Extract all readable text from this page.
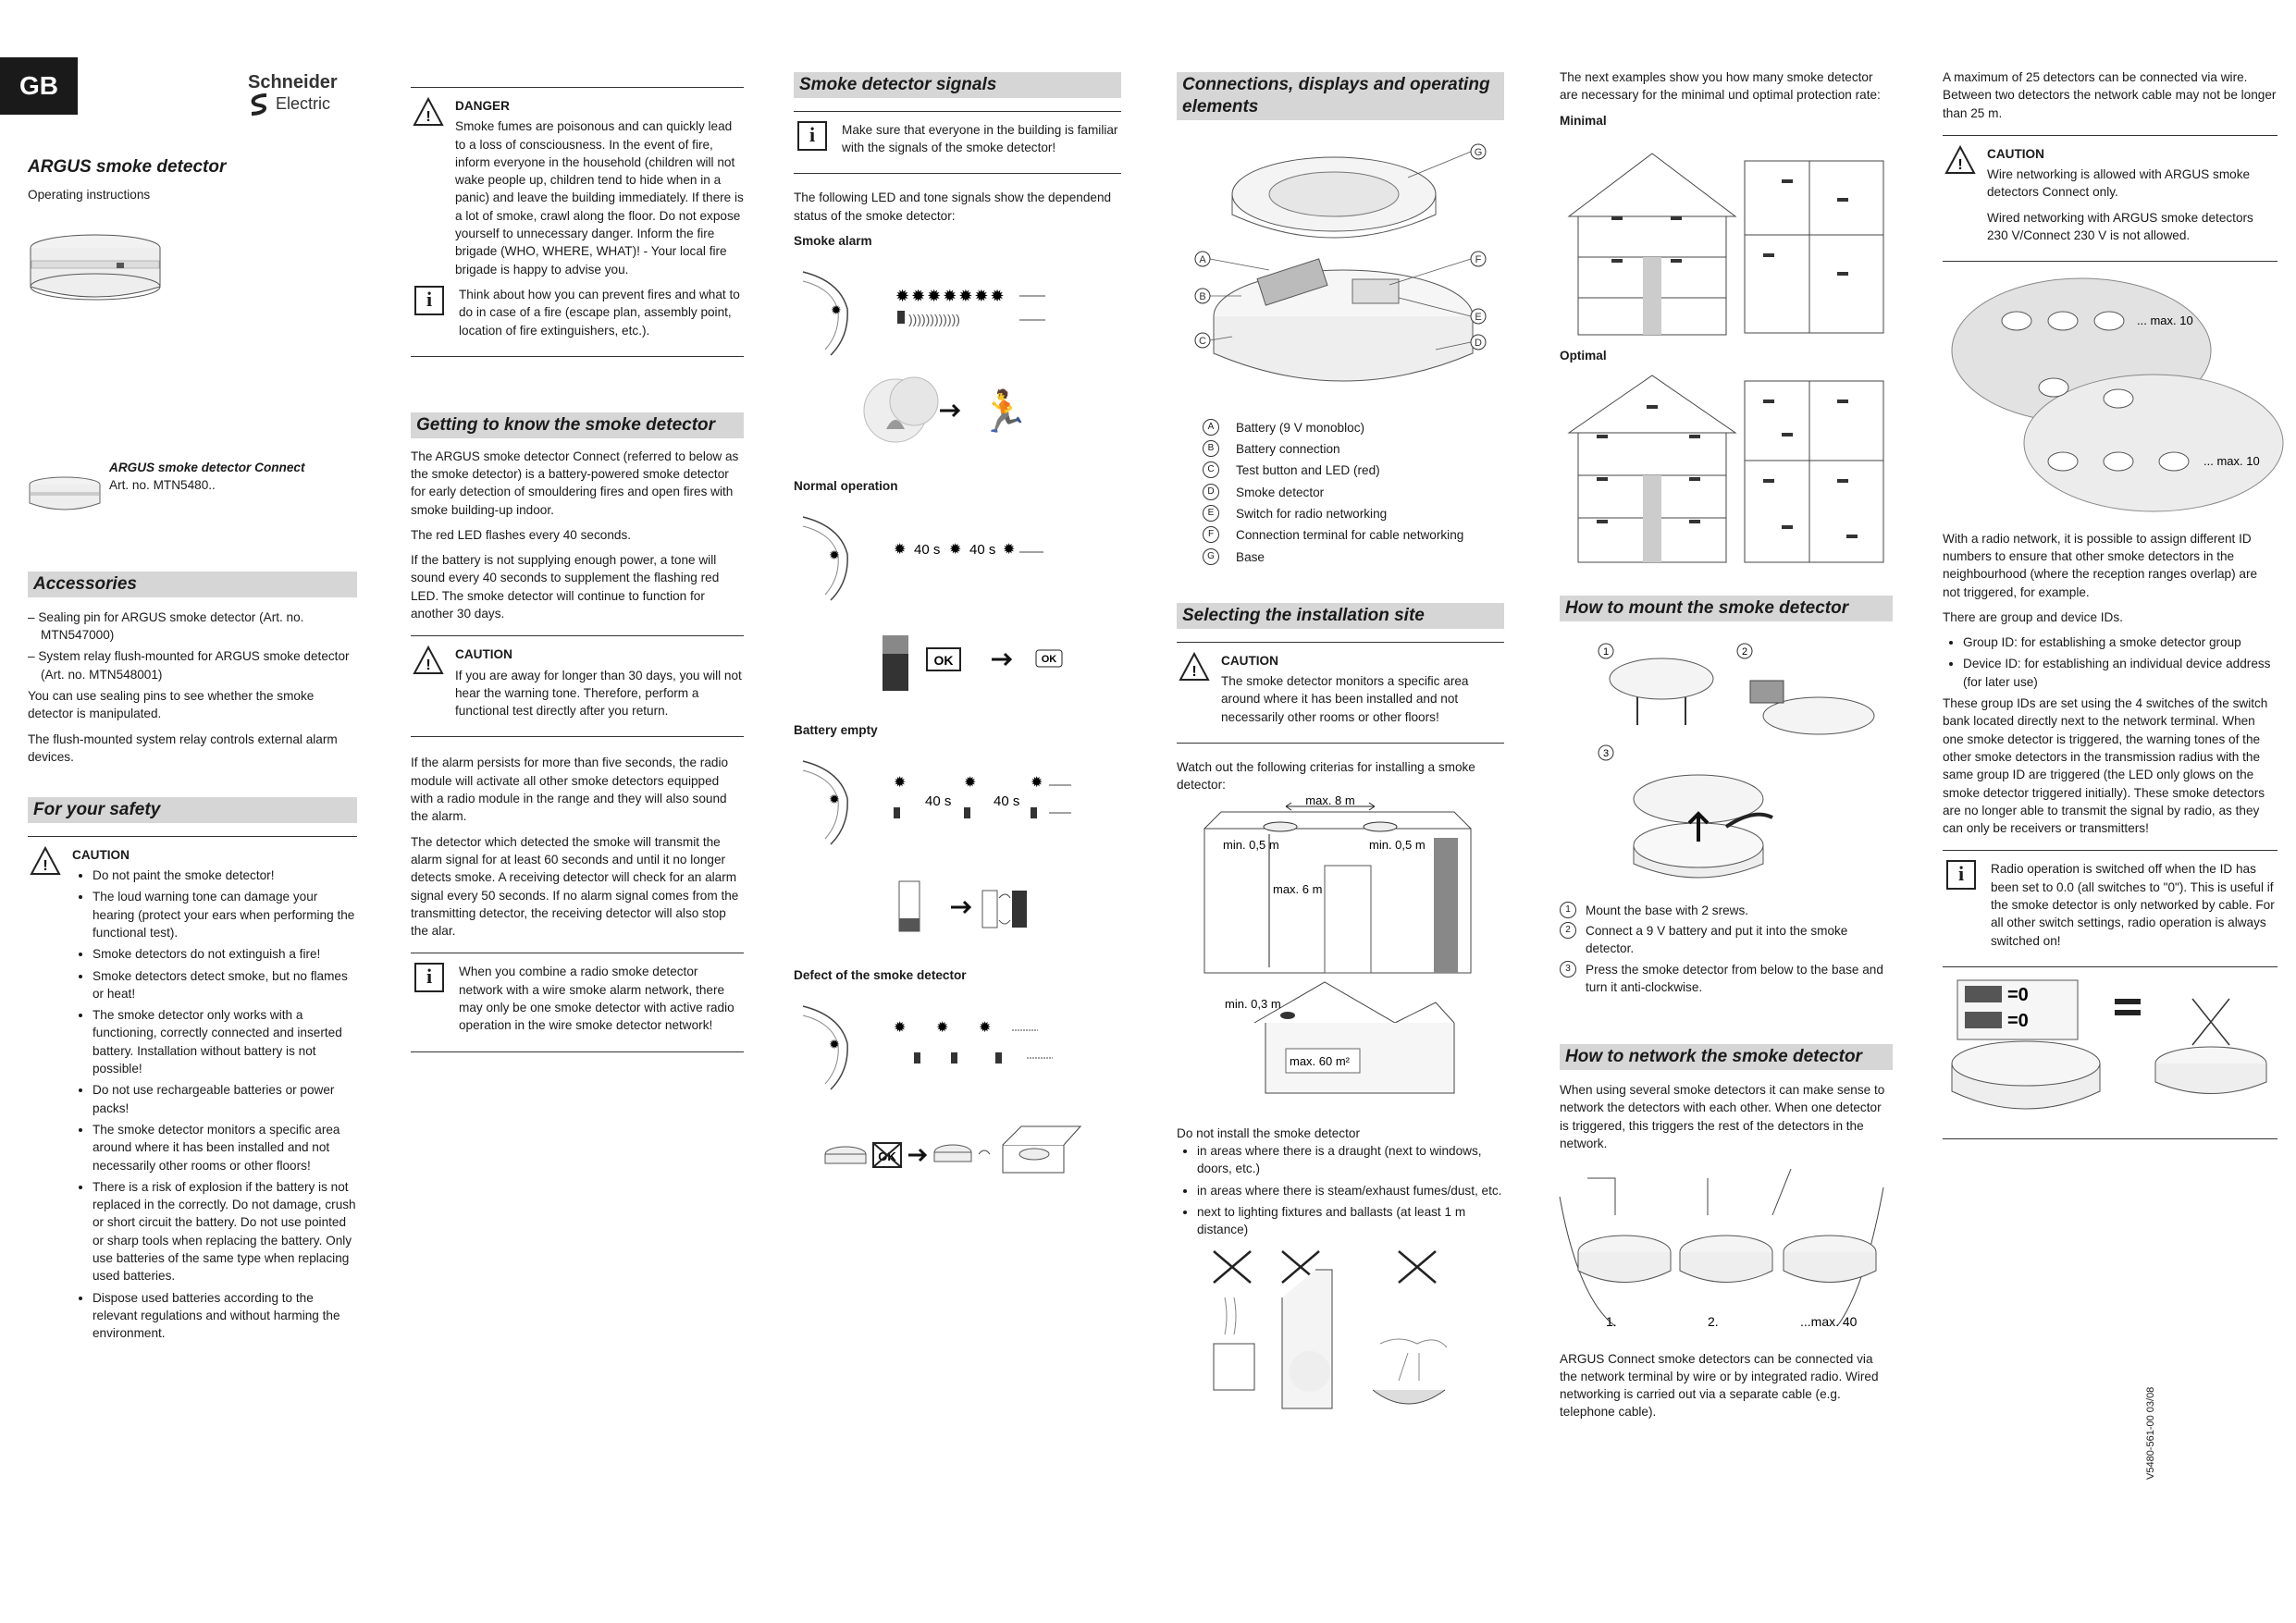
GB	Schneider
Electric
ARGUS smoke detector
Operating instructions
ARGUS smoke detector Connect
Art. no. MTN5480..
Accessories
– Sealing pin for ARGUS smoke detector (Art. no. MTN547000)
– System relay flush-mounted for ARGUS smoke detector (Art. no. MTN548001)

You can use sealing pins to see whether the smoke detector is manipulated.

The flush-mounted system relay controls external alarm devices.

For your safety
!
CAUTION
• Do not paint the smoke detector!
• The loud warning tone can damage your hearing (protect your ears when performing the functional test).
• Smoke detectors do not extinguish a fire!
• Smoke detectors detect smoke, but no flames or heat!
• The smoke detector only works with a functioning, correctly connected and inserted battery. Installation without battery is not possible!
• Do not use rechargeable batteries or power packs!
• The smoke detector monitors a specific area around where it has been installed and not necessarily other rooms or other floors!
• There is a risk of explosion if the battery is not replaced in the correctly. Do not damage, crush or short circuit the battery. Do not use pointed or sharp tools when replacing the battery. Only use batteries of the same type when replacing used batteries.
• Dispose used batteries according to the relevant regulations and without harming the environment.
!
DANGER

Smoke fumes are poisonous and can quickly lead to a loss of consciousness. In the event of fire, inform everyone in the household (children will not wake people up, children tend to hide when in a panic) and leave the building immediately. If there is a lot of smoke, crawl along the floor. Do not expose yourself to unnecessary danger. Inform the fire brigade (WHO, WHERE, WHAT)! - Your local fire brigade is happy to advise you.

i	Think about how you can prevent fires and what to do in case of a fire (escape plan, assembly point, location of fire extinguishers, etc.).

Getting to know the smoke detector

The ARGUS smoke detector Connect (referred to below as the smoke detector) is a battery-powered smoke detector for early detection of smouldering fires and open fires with smoke building-up indoor.

The red LED flashes every 40 seconds.

If the battery is not supplying enough power, a tone will sound every 40 seconds to supplement the flashing red LED. The smoke detector will continue to function for another 30 days.

!
CAUTION

If you are away for longer than 30 days, you will not hear the warning tone. Therefore, perform a functional test directly after you return.

If the alarm persists for more than five seconds, the radio module will activate all other smoke detectors equipped with a radio module in the range and they will also sound the alarm.

The detector which detected the smoke will transmit the alarm signal for at least 60 seconds and until it no longer detects smoke. A receiving detector will check for an alarm signal every 50 seconds. If no alarm signal comes from the transmitting detector, the receiving detector will also stop the alar.

i	When you combine a radio smoke detector network with a wire smoke alarm network, there may only be one smoke detector with active radio operation in the wire smoke detector network!

Smoke detector signals
i	Make sure that everyone in the building is familiar with the signals of the smoke detector!

The following LED and tone signals show the dependend status of the smoke detector:

Smoke alarm
✹
✹✹✹✹✹✹✹
))))))))))))
🏃
Normal operation
✹	✹ 40 s ✹ 40 s ✹
OK	OK
Battery empty
✹
✹
40 s
✹
40 s
✹
Defect of the smoke detector
✹
✹ ✹ ✹
OK
Connections, displays and operating elements
A
B
C	D
E
F
G
A	Battery (9 V monobloc)
B	Battery connection
C	Test button and LED (red)
D	Smoke detector
E	Switch for radio networking
F	Connection terminal for cable networking
G	Base
Selecting the installation site
!
CAUTION

The smoke detector monitors a specific area around where it has been installed and not necessarily other rooms or other floors!

Watch out the following criterias for installing a smoke detector:

max. 8 m
min. 0,5 m	min. 0,5 m
max. 6 m
min. 0,3 m
max. 60 m²
Do not install the smoke detector
• in areas where there is a draught (next to windows, doors, etc.)
• in areas where there is steam/exhaust fumes/dust, etc.
• next to lighting fixtures and ballasts (at least 1 m distance)

The next examples show you how many smoke detector are necessary for the minimal und optimal protection rate:

Minimal
Optimal
How to mount the smoke detector
1	2
3
1	Mount the base with 2 srews.
2	Connect a 9 V battery and put it into the smoke detector.
3	Press the smoke detector from below to the base and turn it anti-clockwise.
How to network the smoke detector

When using several smoke detectors it can make sense to network the detectors with each other. When one detector is triggered, this triggers the rest of the detectors in the network.

1.	2.	...max. 40

ARGUS Connect smoke detectors can be connected via the network terminal by wire or by integrated radio. Wired networking is carried out via a separate cable (e.g. telephone cable).

A maximum of 25 detectors can be connected via wire. Between two detectors the network cable may not be longer than 25 m.

!
CAUTION

Wire networking is allowed with ARGUS smoke detectors Connect only.

Wired networking with ARGUS smoke detectors 230 V/Connect 230 V is not allowed.

... max. 10
... max. 10

With a radio network, it is possible to assign different ID numbers to ensure that other smoke detectors in the neighbourhood (where the reception ranges overlap) are not triggered, for example.

There are group and device IDs.

• Group ID: for establishing a smoke detector group
• Device ID: for establishing an individual device address (for later use)

These group IDs are set using the 4 switches of the switch bank located directly next to the network terminal. When one smoke detector is triggered, the warning tones of the other smoke detectors in the transmission radius with the same group ID are triggered (the LED only glows on the smoke detector triggered initially). These smoke detectors are no longer able to transmit the signal by radio, as they can only be receivers or transmitters!

i	Radio operation is switched off when the ID has been set to 0.0 (all switches to "0"). This is useful if the smoke detector is only networked by cable. For all other switch settings, radio operation is always switched on!

=0
=0
V5480-561-00 03/08
